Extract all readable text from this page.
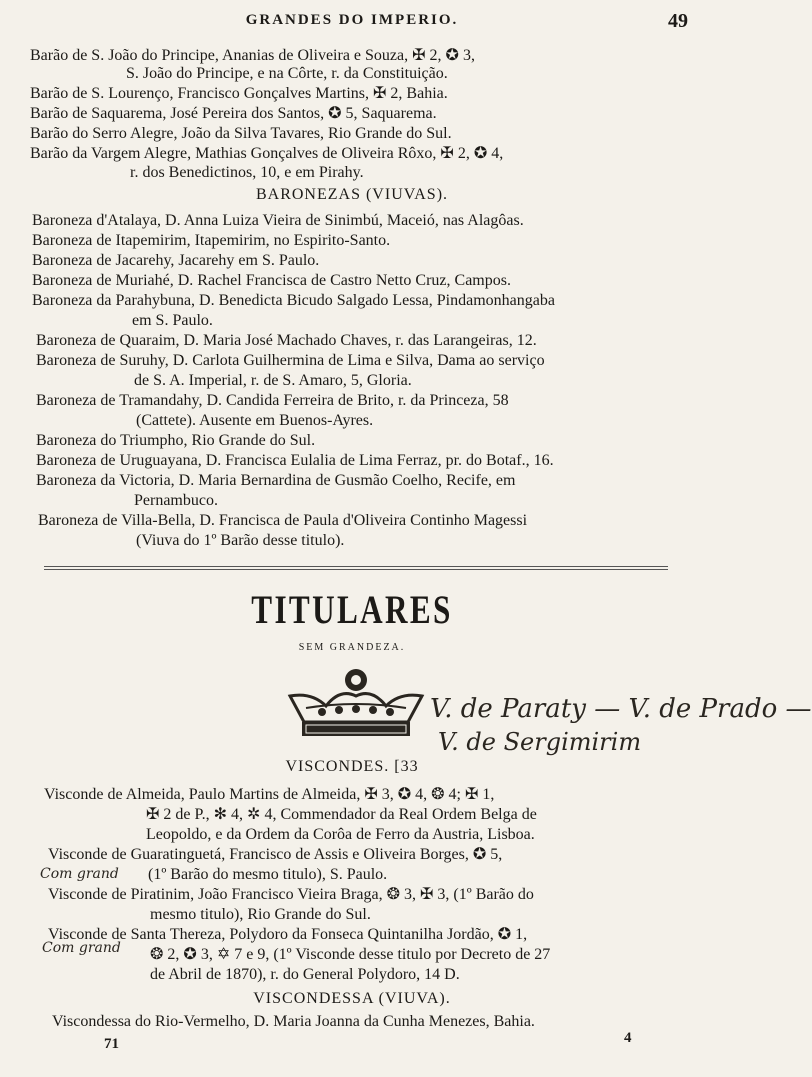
GRANDES DO IMPERIO.	49
Barão de S. João do Principe, Ananias de Oliveira e Souza, ✠ 2, ✪ 3,
S. João do Principe, e na Côrte, r. da Constituição.
Barão de S. Lourenço, Francisco Gonçalves Martins, ✠ 2, Bahia.
Barão de Saquarema, José Pereira dos Santos, ✪ 5, Saquarema.
Barão do Serro Alegre, João da Silva Tavares, Rio Grande do Sul.
Barão da Vargem Alegre, Mathias Gonçalves de Oliveira Rôxo, ✠ 2, ✪ 4,
r. dos Benedictinos, 10, e em Pirahy.
BARONEZAS (VIUVAS).
Baroneza d'Atalaya, D. Anna Luiza Vieira de Sinimbú, Maceió, nas Alagôas.
Baroneza de Itapemirim, Itapemirim, no Espirito-Santo.
Baroneza de Jacarehy, Jacarehy em S. Paulo.
Baroneza de Muriahé, D. Rachel Francisca de Castro Netto Cruz, Campos.
Baroneza da Parahybuna, D. Benedicta Bicudo Salgado Lessa, Pindamonhangaba
em S. Paulo.
Baroneza de Quaraim, D. Maria José Machado Chaves, r. das Larangeiras, 12.
Baroneza de Suruhy, D. Carlota Guilhermina de Lima e Silva, Dama ao serviço
de S. A. Imperial, r. de S. Amaro, 5, Gloria.
Baroneza de Tramandahy, D. Candida Ferreira de Brito, r. da Princeza, 58
(Cattete). Ausente em Buenos-Ayres.
Baroneza do Triumpho, Rio Grande do Sul.
Baroneza de Uruguayana, D. Francisca Eulalia de Lima Ferraz, pr. do Botaf., 16.
Baroneza da Victoria, D. Maria Bernardina de Gusmão Coelho, Recife, em
Pernambuco.
Baroneza de Villa-Bella, D. Francisca de Paula d'Oliveira Continho Magessi
(Viuva do 1º Barão desse titulo).
TITULARES
SEM GRANDEZA.
V. de Paraty — V. de Prado —
V. de Sergimirim
VISCONDES. [33
Visconde de Almeida, Paulo Martins de Almeida, ✠ 3, ✪ 4, ❂ 4; ✠ 1,
✠ 2 de P., ✻ 4, ✲ 4, Commendador da Real Ordem Belga de
Leopoldo, e da Ordem da Corôa de Ferro da Austria, Lisboa.
Visconde de Guaratinguetá, Francisco de Assis e Oliveira Borges, ✪ 5,
(1º Barão do mesmo titulo), S. Paulo.
Visconde de Piratinim, João Francisco Vieira Braga, ❂ 3, ✠ 3, (1º Barão do
mesmo titulo), Rio Grande do Sul.
Visconde de Santa Thereza, Polydoro da Fonseca Quintanilha Jordão, ✪ 1,
❂ 2, ✪ 3, ✡ 7 e 9, (1º Visconde desse titulo por Decreto de 27
de Abril de 1870), r. do General Polydoro, 14 D.
VISCONDESSA (VIUVA).
Viscondessa do Rio-Vermelho, D. Maria Joanna da Cunha Menezes, Bahia.
Com grand
Com grand
71	4
